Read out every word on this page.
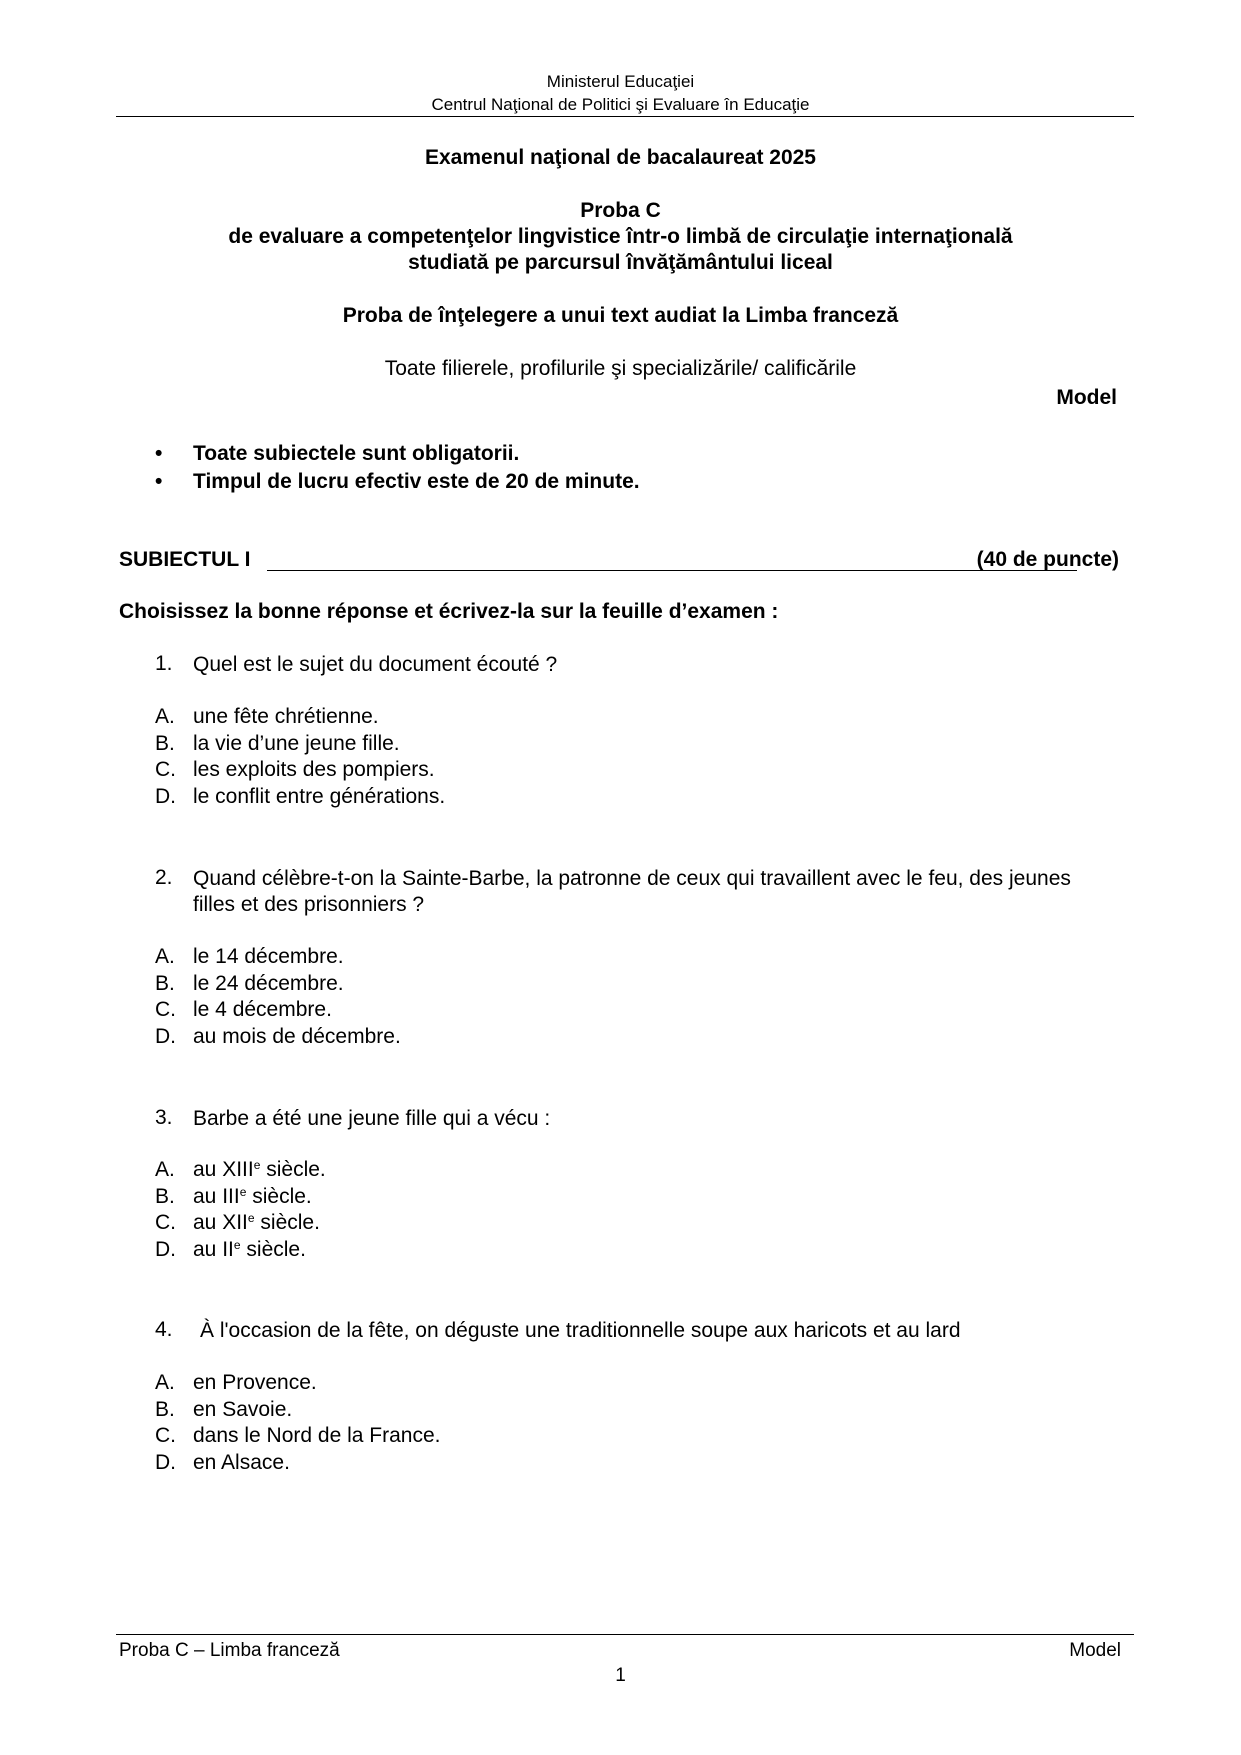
Ministerul Educaţiei
Centrul Naţional de Politici şi Evaluare în Educaţie
Examenul naţional de bacalaureat 2025
Proba C
de evaluare a competenţelor lingvistice într-o limbă de circulaţie internaţională
studiată pe parcursul învăţământului liceal
Proba de înţelegere a unui text audiat la Limba franceză
Toate filierele, profilurile şi specializările/ calificările
Model
• Toate subiectele sunt obligatorii.
• Timpul de lucru efectiv este de 20 de minute.
SUBIECTUL I	(40 de puncte)
Choisissez la bonne réponse et écrivez-la sur la feuille d’examen :
1. Quel est le sujet du document écouté ?
A. une fête chrétienne.
B. la vie d’une jeune fille.
C. les exploits des pompiers.
D. le conflit entre générations.
2. Quand célèbre-t-on la Sainte-Barbe, la patronne de ceux qui travaillent avec le feu, des jeunes filles et des prisonniers ?
A. le 14 décembre.
B. le 24 décembre.
C. le 4 décembre.
D. au mois de décembre.
3. Barbe a été une jeune fille qui a vécu :
A. au XIIIe siècle.
B. au IIIe siècle.
C. au XIIe siècle.
D. au IIe siècle.
4. À l'occasion de la fête, on déguste une traditionnelle soupe aux haricots et au lard
A. en Provence.
B. en Savoie.
C. dans le Nord de la France.
D. en Alsace.
Proba C – Limba franceză	Model
1
